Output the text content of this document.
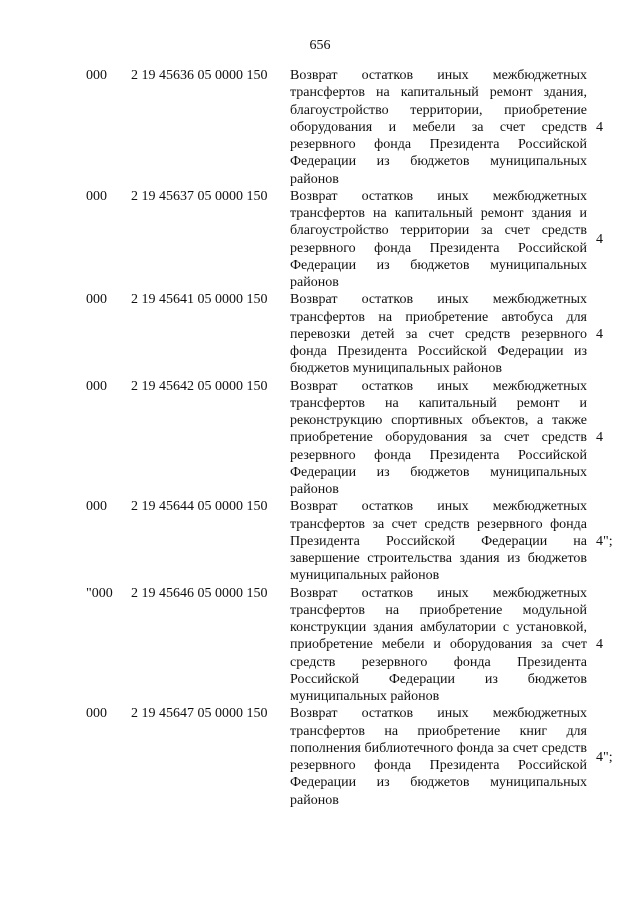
656
000 2 19 45636 05 0000 150 Возврат остатков иных межбюджетных трансфертов на капитальный ремонт здания, благоустройство территории, приобретение оборудования и мебели за счет средств резервного фонда Президента Российской Федерации из бюджетов муниципальных районов
4
000 2 19 45637 05 0000 150 Возврат остатков иных межбюджетных трансфертов на капитальный ремонт здания и благоустройство территории за счет средств резервного фонда Президента Российской Федерации из бюджетов муниципальных районов
4
000 2 19 45641 05 0000 150 Возврат остатков иных межбюджетных трансфертов на приобретение автобуса для перевозки детей за счет средств резервного фонда Президента Российской Федерации из бюджетов муниципальных районов
4
000 2 19 45642 05 0000 150 Возврат остатков иных межбюджетных трансфертов на капитальный ремонт и реконструкцию спортивных объектов, а также приобретение оборудования за счет средств резервного фонда Президента Российской Федерации из бюджетов муниципальных районов
4
000 2 19 45644 05 0000 150 Возврат остатков иных межбюджетных трансфертов за счет средств резервного фонда Президента Российской Федерации на завершение строительства здания из бюджетов муниципальных районов
4";
"000 2 19 45646 05 0000 150 Возврат остатков иных межбюджетных трансфертов на приобретение модульной конструкции здания амбулатории с установкой, приобретение мебели и оборудования за счет средств резервного фонда Президента Российской Федерации из бюджетов муниципальных районов
4
000 2 19 45647 05 0000 150 Возврат остатков иных межбюджетных трансфертов на приобретение книг для пополнения библиотечного фонда за счет средств резервного фонда Президента Российской Федерации из бюджетов муниципальных районов
4";
